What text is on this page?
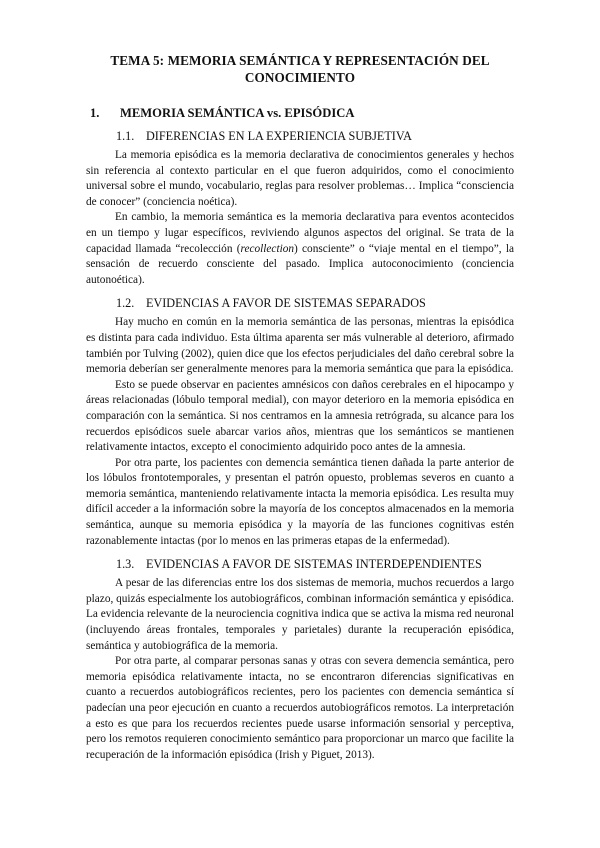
TEMA 5: MEMORIA SEMÁNTICA Y REPRESENTACIÓN DEL CONOCIMIENTO
1.	MEMORIA SEMÁNTICA vs. EPISÓDICA
1.1. DIFERENCIAS EN LA EXPERIENCIA SUBJETIVA

La memoria episódica es la memoria declarativa de conocimientos generales y hechos sin referencia al contexto particular en el que fueron adquiridos, como el conocimiento universal sobre el mundo, vocabulario, reglas para resolver problemas… Implica “consciencia de conocer” (conciencia noética).

En cambio, la memoria semántica es la memoria declarativa para eventos acontecidos en un tiempo y lugar específicos, reviviendo algunos aspectos del original. Se trata de la capacidad llamada “recolección (recollection) consciente” o “viaje mental en el tiempo”, la sensación de recuerdo consciente del pasado. Implica autoconocimiento (conciencia autonoética).

1.2. EVIDENCIAS A FAVOR DE SISTEMAS SEPARADOS

Hay mucho en común en la memoria semántica de las personas, mientras la episódica es distinta para cada individuo. Esta última aparenta ser más vulnerable al deterioro, afirmado también por Tulving (2002), quien dice que los efectos perjudiciales del daño cerebral sobre la memoria deberían ser generalmente menores para la memoria semántica que para la episódica.

Esto se puede observar en pacientes amnésicos con daños cerebrales en el hipocampo y áreas relacionadas (lóbulo temporal medial), con mayor deterioro en la memoria episódica en comparación con la semántica. Si nos centramos en la amnesia retrógrada, su alcance para los recuerdos episódicos suele abarcar varios años, mientras que los semánticos se mantienen relativamente intactos, excepto el conocimiento adquirido poco antes de la amnesia.

Por otra parte, los pacientes con demencia semántica tienen dañada la parte anterior de los lóbulos frontotemporales, y presentan el patrón opuesto, problemas severos en cuanto a memoria semántica, manteniendo relativamente intacta la memoria episódica. Les resulta muy difícil acceder a la información sobre la mayoría de los conceptos almacenados en la memoria semántica, aunque su memoria episódica y la mayoría de las funciones cognitivas estén razonablemente intactas (por lo menos en las primeras etapas de la enfermedad).

1.3. EVIDENCIAS A FAVOR DE SISTEMAS INTERDEPENDIENTES

A pesar de las diferencias entre los dos sistemas de memoria, muchos recuerdos a largo plazo, quizás especialmente los autobiográficos, combinan información semántica y episódica. La evidencia relevante de la neurociencia cognitiva indica que se activa la misma red neuronal (incluyendo áreas frontales, temporales y parietales) durante la recuperación episódica, semántica y autobiográfica de la memoria.

Por otra parte, al comparar personas sanas y otras con severa demencia semántica, pero memoria episódica relativamente intacta, no se encontraron diferencias significativas en cuanto a recuerdos autobiográficos recientes, pero los pacientes con demencia semántica sí padecían una peor ejecución en cuanto a recuerdos autobiográficos remotos. La interpretación a esto es que para los recuerdos recientes puede usarse información sensorial y perceptiva, pero los remotos requieren conocimiento semántico para proporcionar un marco que facilite la recuperación de la información episódica (Irish y Piguet, 2013).
